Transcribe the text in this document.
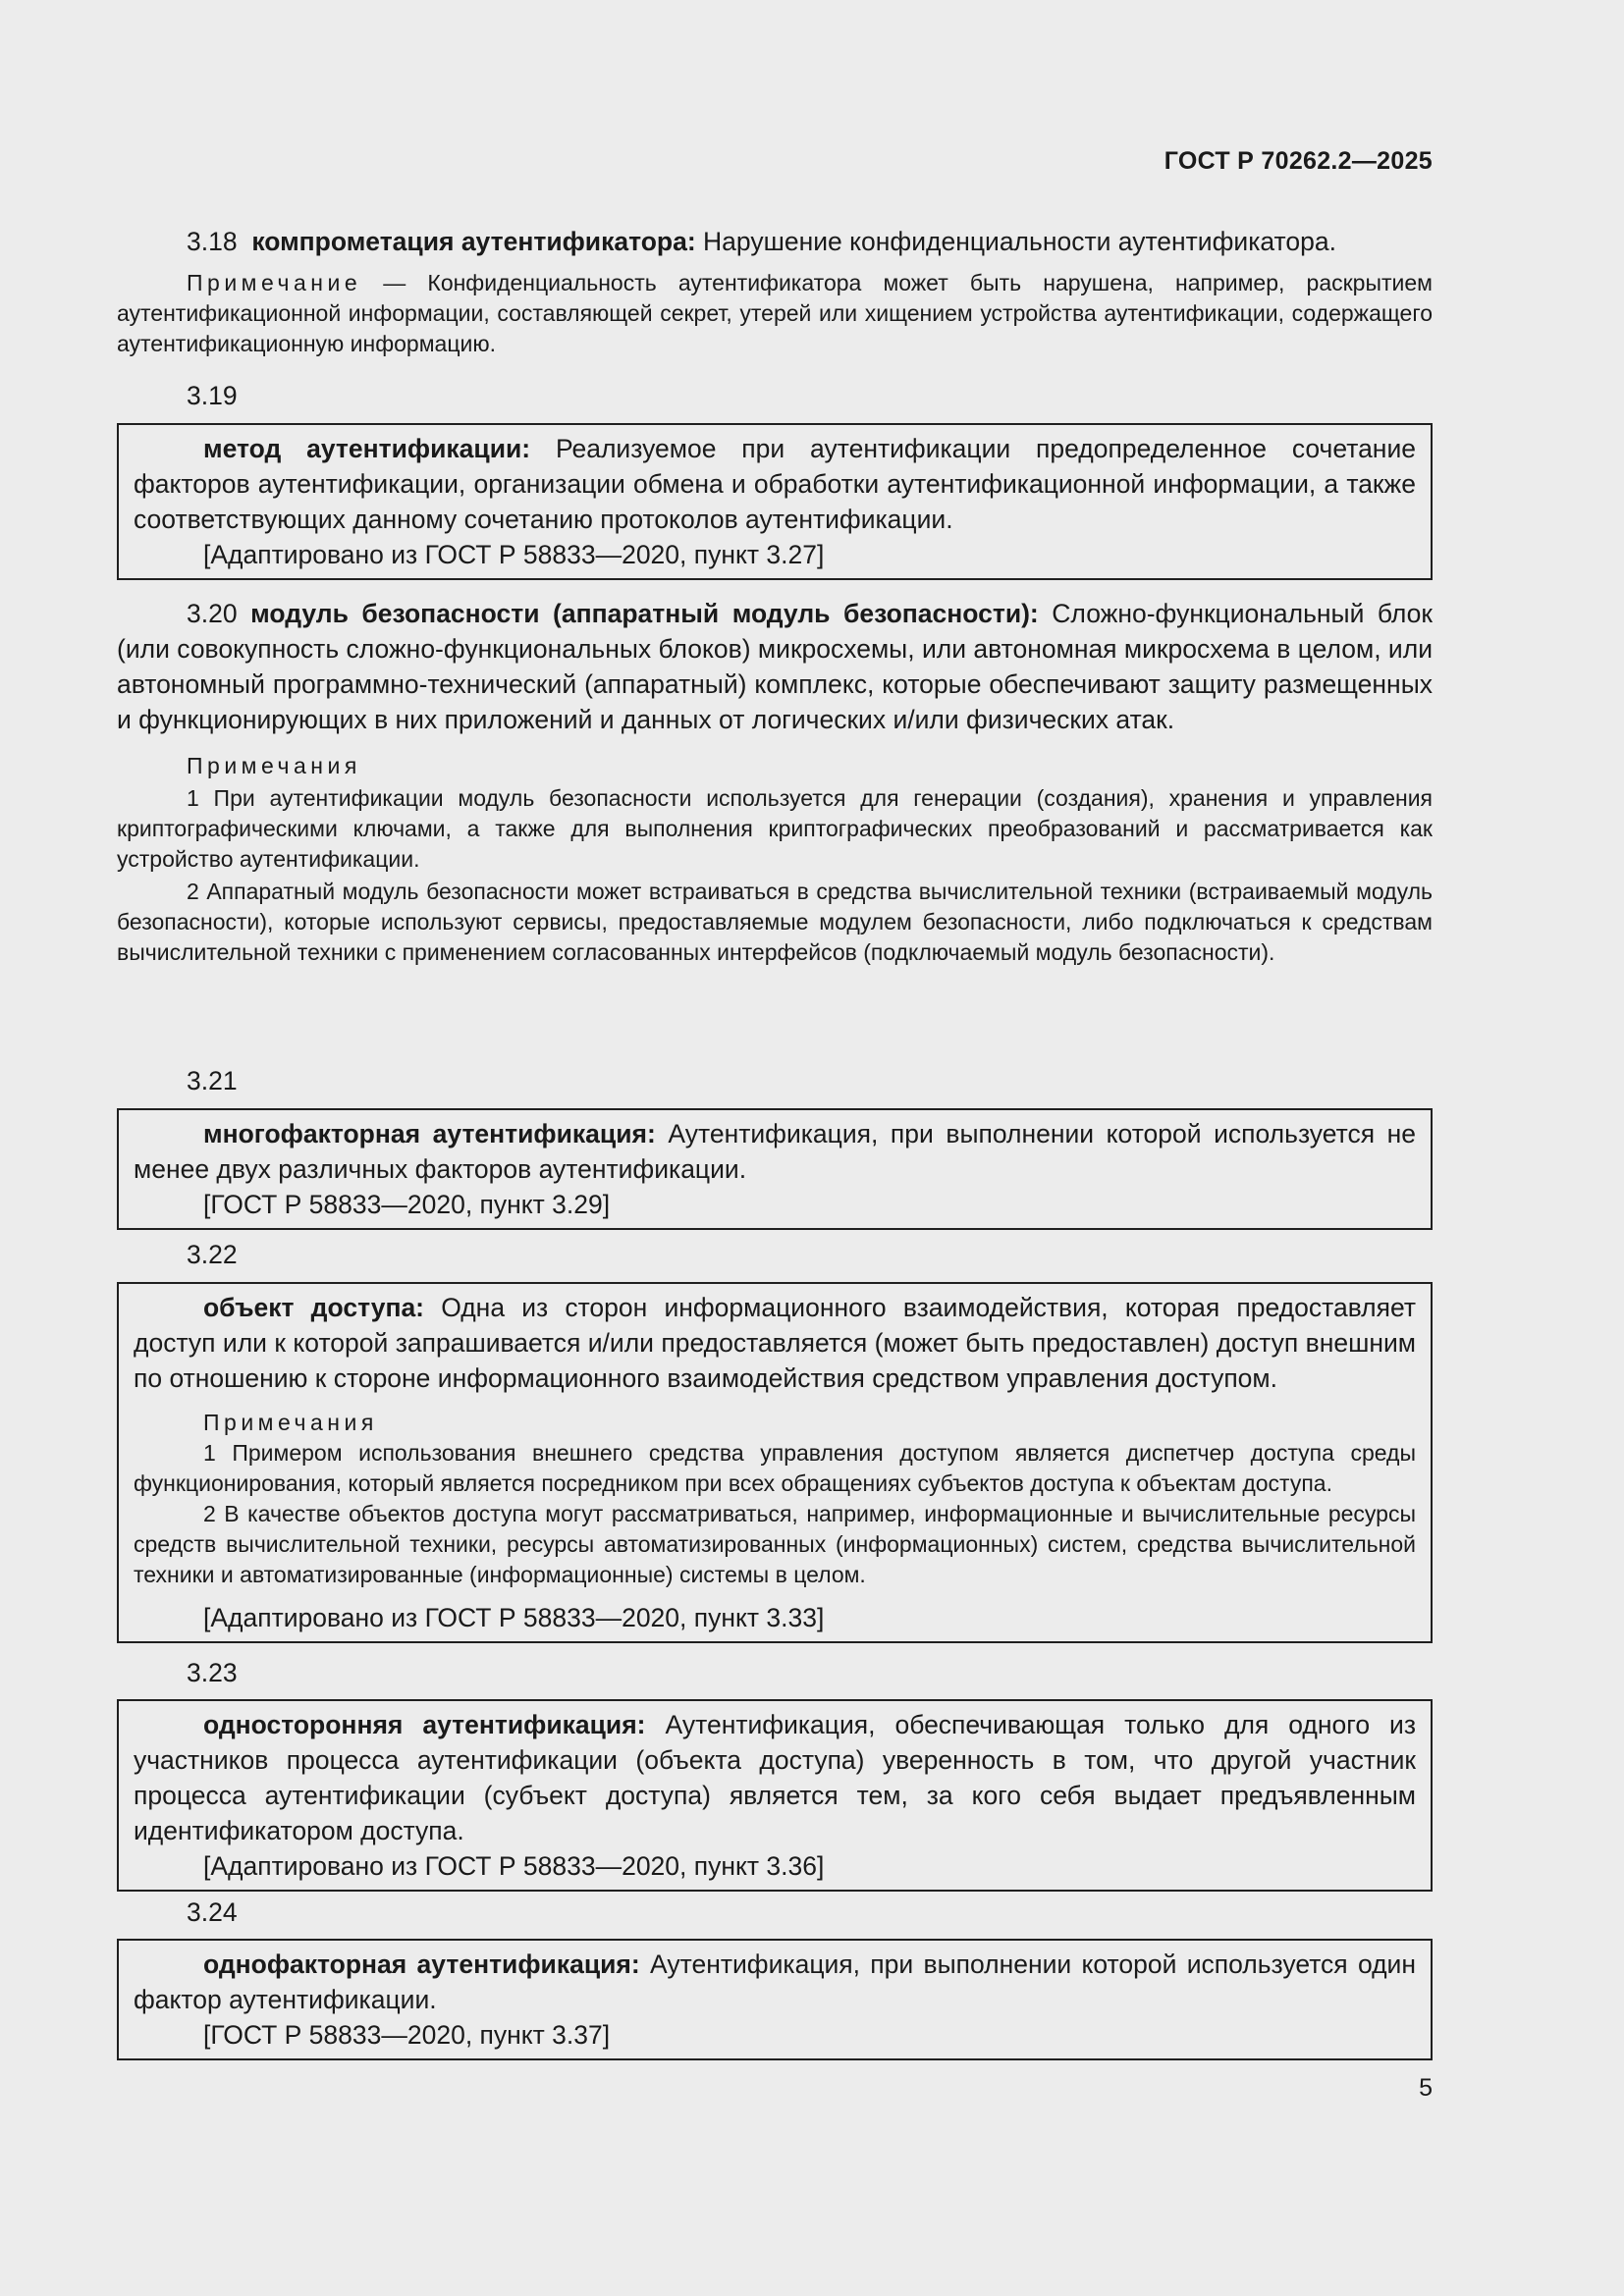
ГОСТ Р 70262.2—2025

3.18 компрометация аутентификатора: Нарушение конфиденциальности аутентификатора.

Примечание — Конфиденциальность аутентификатора может быть нарушена, например, раскрытием аутентификационной информации, составляющей секрет, утерей или хищением устройства аутентификации, содержащего аутентификационную информацию.

3.19

метод аутентификации: Реализуемое при аутентификации предопределенное сочетание факторов аутентификации, организации обмена и обработки аутентификационной информации, а также соответствующих данному сочетанию протоколов аутентификации.

[Адаптировано из ГОСТ Р 58833—2020, пункт 3.27]

3.20 модуль безопасности (аппаратный модуль безопасности): Сложно-функциональный блок (или совокупность сложно-функциональных блоков) микросхемы, или автономная микросхема в целом, или автономный программно-технический (аппаратный) комплекс, которые обеспечивают защиту размещенных и функционирующих в них приложений и данных от логических и/или физических атак.

Примечания

1 При аутентификации модуль безопасности используется для генерации (создания), хранения и управления криптографическими ключами, а также для выполнения криптографических преобразований и рассматривается как устройство аутентификации.

2 Аппаратный модуль безопасности может встраиваться в средства вычислительной техники (встраиваемый модуль безопасности), которые используют сервисы, предоставляемые модулем безопасности, либо подключаться к средствам вычислительной техники с применением согласованных интерфейсов (подключаемый модуль безопасности).

3.21

многофакторная аутентификация: Аутентификация, при выполнении которой используется не менее двух различных факторов аутентификации.

[ГОСТ Р 58833—2020, пункт 3.29]
3.22

объект доступа: Одна из сторон информационного взаимодействия, которая предоставляет доступ или к которой запрашивается и/или предоставляется (может быть предоставлен) доступ внешним по отношению к стороне информационного взаимодействия средством управления доступом.

Примечания

1 Примером использования внешнего средства управления доступом является диспетчер доступа среды функционирования, который является посредником при всех обращениях субъектов доступа к объектам доступа.

2 В качестве объектов доступа могут рассматриваться, например, информационные и вычислительные ресурсы средств вычислительной техники, ресурсы автоматизированных (информационных) систем, средства вычислительной техники и автоматизированные (информационные) системы в целом.

[Адаптировано из ГОСТ Р 58833—2020, пункт 3.33]
3.23

односторонняя аутентификация: Аутентификация, обеспечивающая только для одного из участников процесса аутентификации (объекта доступа) уверенность в том, что другой участник процесса аутентификации (субъект доступа) является тем, за кого себя выдает предъявленным идентификатором доступа.

[Адаптировано из ГОСТ Р 58833—2020, пункт 3.36]
3.24

однофакторная аутентификация: Аутентификация, при выполнении которой используется один фактор аутентификации.

[ГОСТ Р 58833—2020, пункт 3.37]
5
